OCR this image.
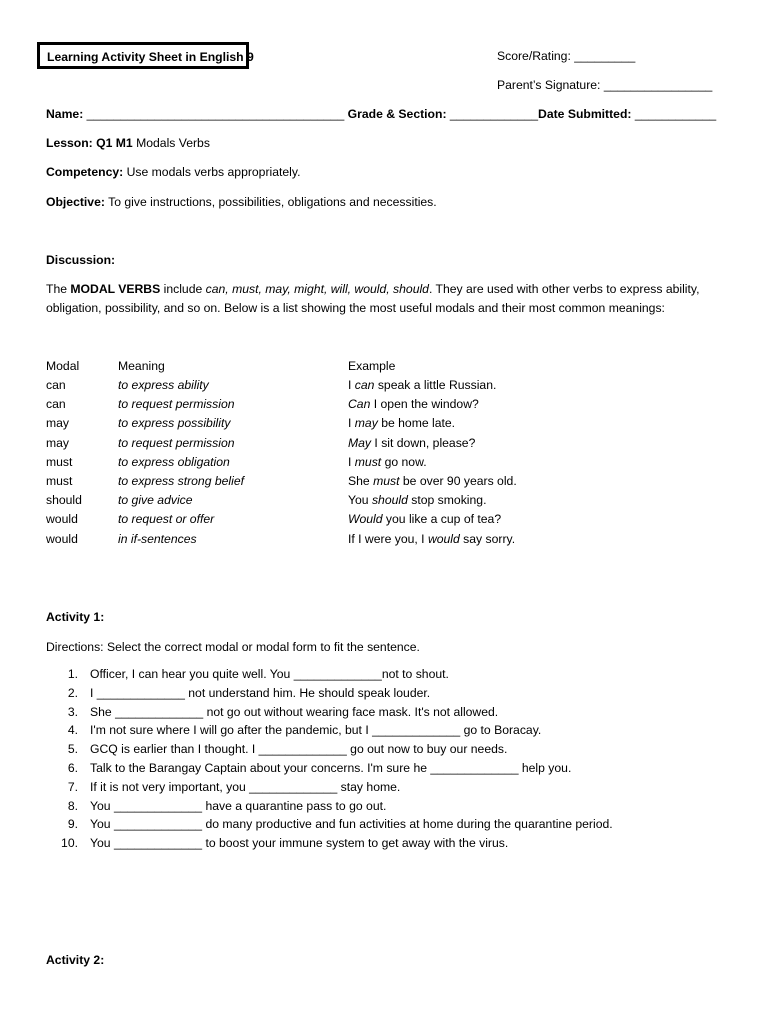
Learning Activity Sheet in English 9	Score/Rating: _________
Parent’s Signature: ________________
Name: ______________________________________ Grade & Section: _____________Date Submitted: ____________
Lesson: Q1 M1 Modals Verbs
Competency: Use modals verbs appropriately.
Objective: To give instructions, possibilities, obligations and necessities.
Discussion:
The MODAL VERBS include can, must, may, might, will, would, should. They are used with other verbs to express ability,
obligation, possibility, and so on. Below is a list showing the most useful modals and their most common meanings:
Modal	Meaning	Example
can	to express ability	I can speak a little Russian.
can	to request permission	Can I open the window?
may	to express possibility	I may be home late.
may	to request permission	May I sit down, please?
must	to express obligation	I must go now.
must	to express strong belief	She must be over 90 years old.
should	to give advice	You should stop smoking.
would	to request or offer	Would you like a cup of tea?
would	in if-sentences	If I were you, I would say sorry.
Activity 1:
Directions: Select the correct modal or modal form to fit the sentence.
1. Officer, I can hear you quite well. You _____________not to shout.
2. I _____________ not understand him. He should speak louder.
3. She _____________ not go out without wearing face mask. It's not allowed.
4. I'm not sure where I will go after the pandemic, but I _____________ go to Boracay.
5. GCQ is earlier than I thought. I _____________ go out now to buy our needs.
6. Talk to the Barangay Captain about your concerns. I'm sure he _____________ help you.
7. If it is not very important, you _____________ stay home.
8. You _____________ have a quarantine pass to go out.
9. You _____________ do many productive and fun activities at home during the quarantine period.
10. You _____________ to boost your immune system to get away with the virus.
Activity 2:
